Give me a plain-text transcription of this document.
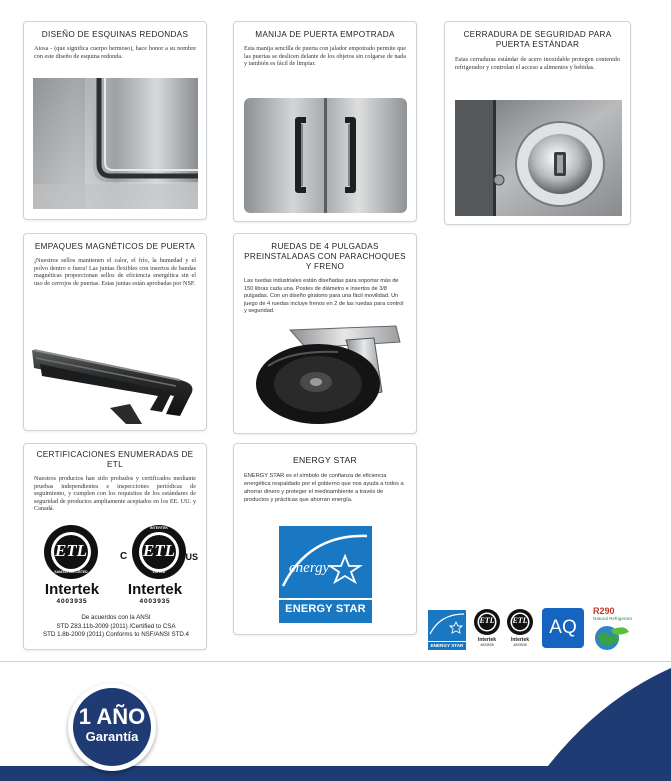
DISEÑO DE ESQUINAS REDONDAS
Atosa - (que significa cuerpo hermoso), hace honor a su nombre con este diseño de esquina redonda.
MANIJA DE PUERTA EMPOTRADA
Esta manija sencilla de puerta con jalador empotrado permite que las puertas se deslicen delante de los objetos sin colgarse de nada y también es fácil de limpiar.
CERRADURA DE SEGURIDAD PARA PUERTA ESTÁNDAR
Estas cerraduras estándar de acero inoxidable protegen contenido refrigerador y controlan el acceso a alimentos y bebidas.
EMPAQUES MAGNÉTICOS DE PUERTA
¡Nuestros sellos mantienen el calor, el frío, la humedad y el polvo dentro o fuera! Las juntas flexibles con insertos de bandas magnéticas proporcionan sellos de eficiencia energética sin el uso de cerrojos de puertas. Estas juntas están aprobadas por NSF.
RUEDAS DE 4 PULGADAS PREINSTALADAS CON PARACHOQUES Y FRENO
Las ruedas industriales están diseñadas para soportar más de 150 libras cada una. Postes de diámetro e insertos de 3/8 pulgadas. Con un diseño giratorio para una fácil movilidad. Un juego de 4 ruedas incluye frenos en 2 de las ruedas para control y seguridad.
CERTIFICACIONES ENUMERADAS DE ETL
Nuestros productos han sido probados y certificados mediante pruebas independientes e inspecciones periódicas de seguimiento, y cumplen con los requisitos de los estándares de seguridad de productos ampliamente aceptados en los EE. UU. y Canadá.
ETL
SANITATION LISTED
INTERTEK
ETL
LISTED
C	US
Intertek
4003935
Intertek
4003935
De acuerdos con la ANSI
STD Z83.11b-2009 (2011) /Certified to CSA
STD 1.8b-2009 (2011) Conforms to NSF/ANSI STD.4
ENERGY STAR
ENERGY STAR es el símbolo de confianza de eficiencia energética respaldado por el gobierno que nos ayuda a todos a ahorrar dinero y proteger el medioambiente a través de productos y prácticas que ahorran energía.
energy
ENERGY STAR
ENERGY STAR
ETL
Intertek
4003935
ETL
Intertek
4003935
AQ
R290
Natural Refrigerant
1 AÑO
Garantía
